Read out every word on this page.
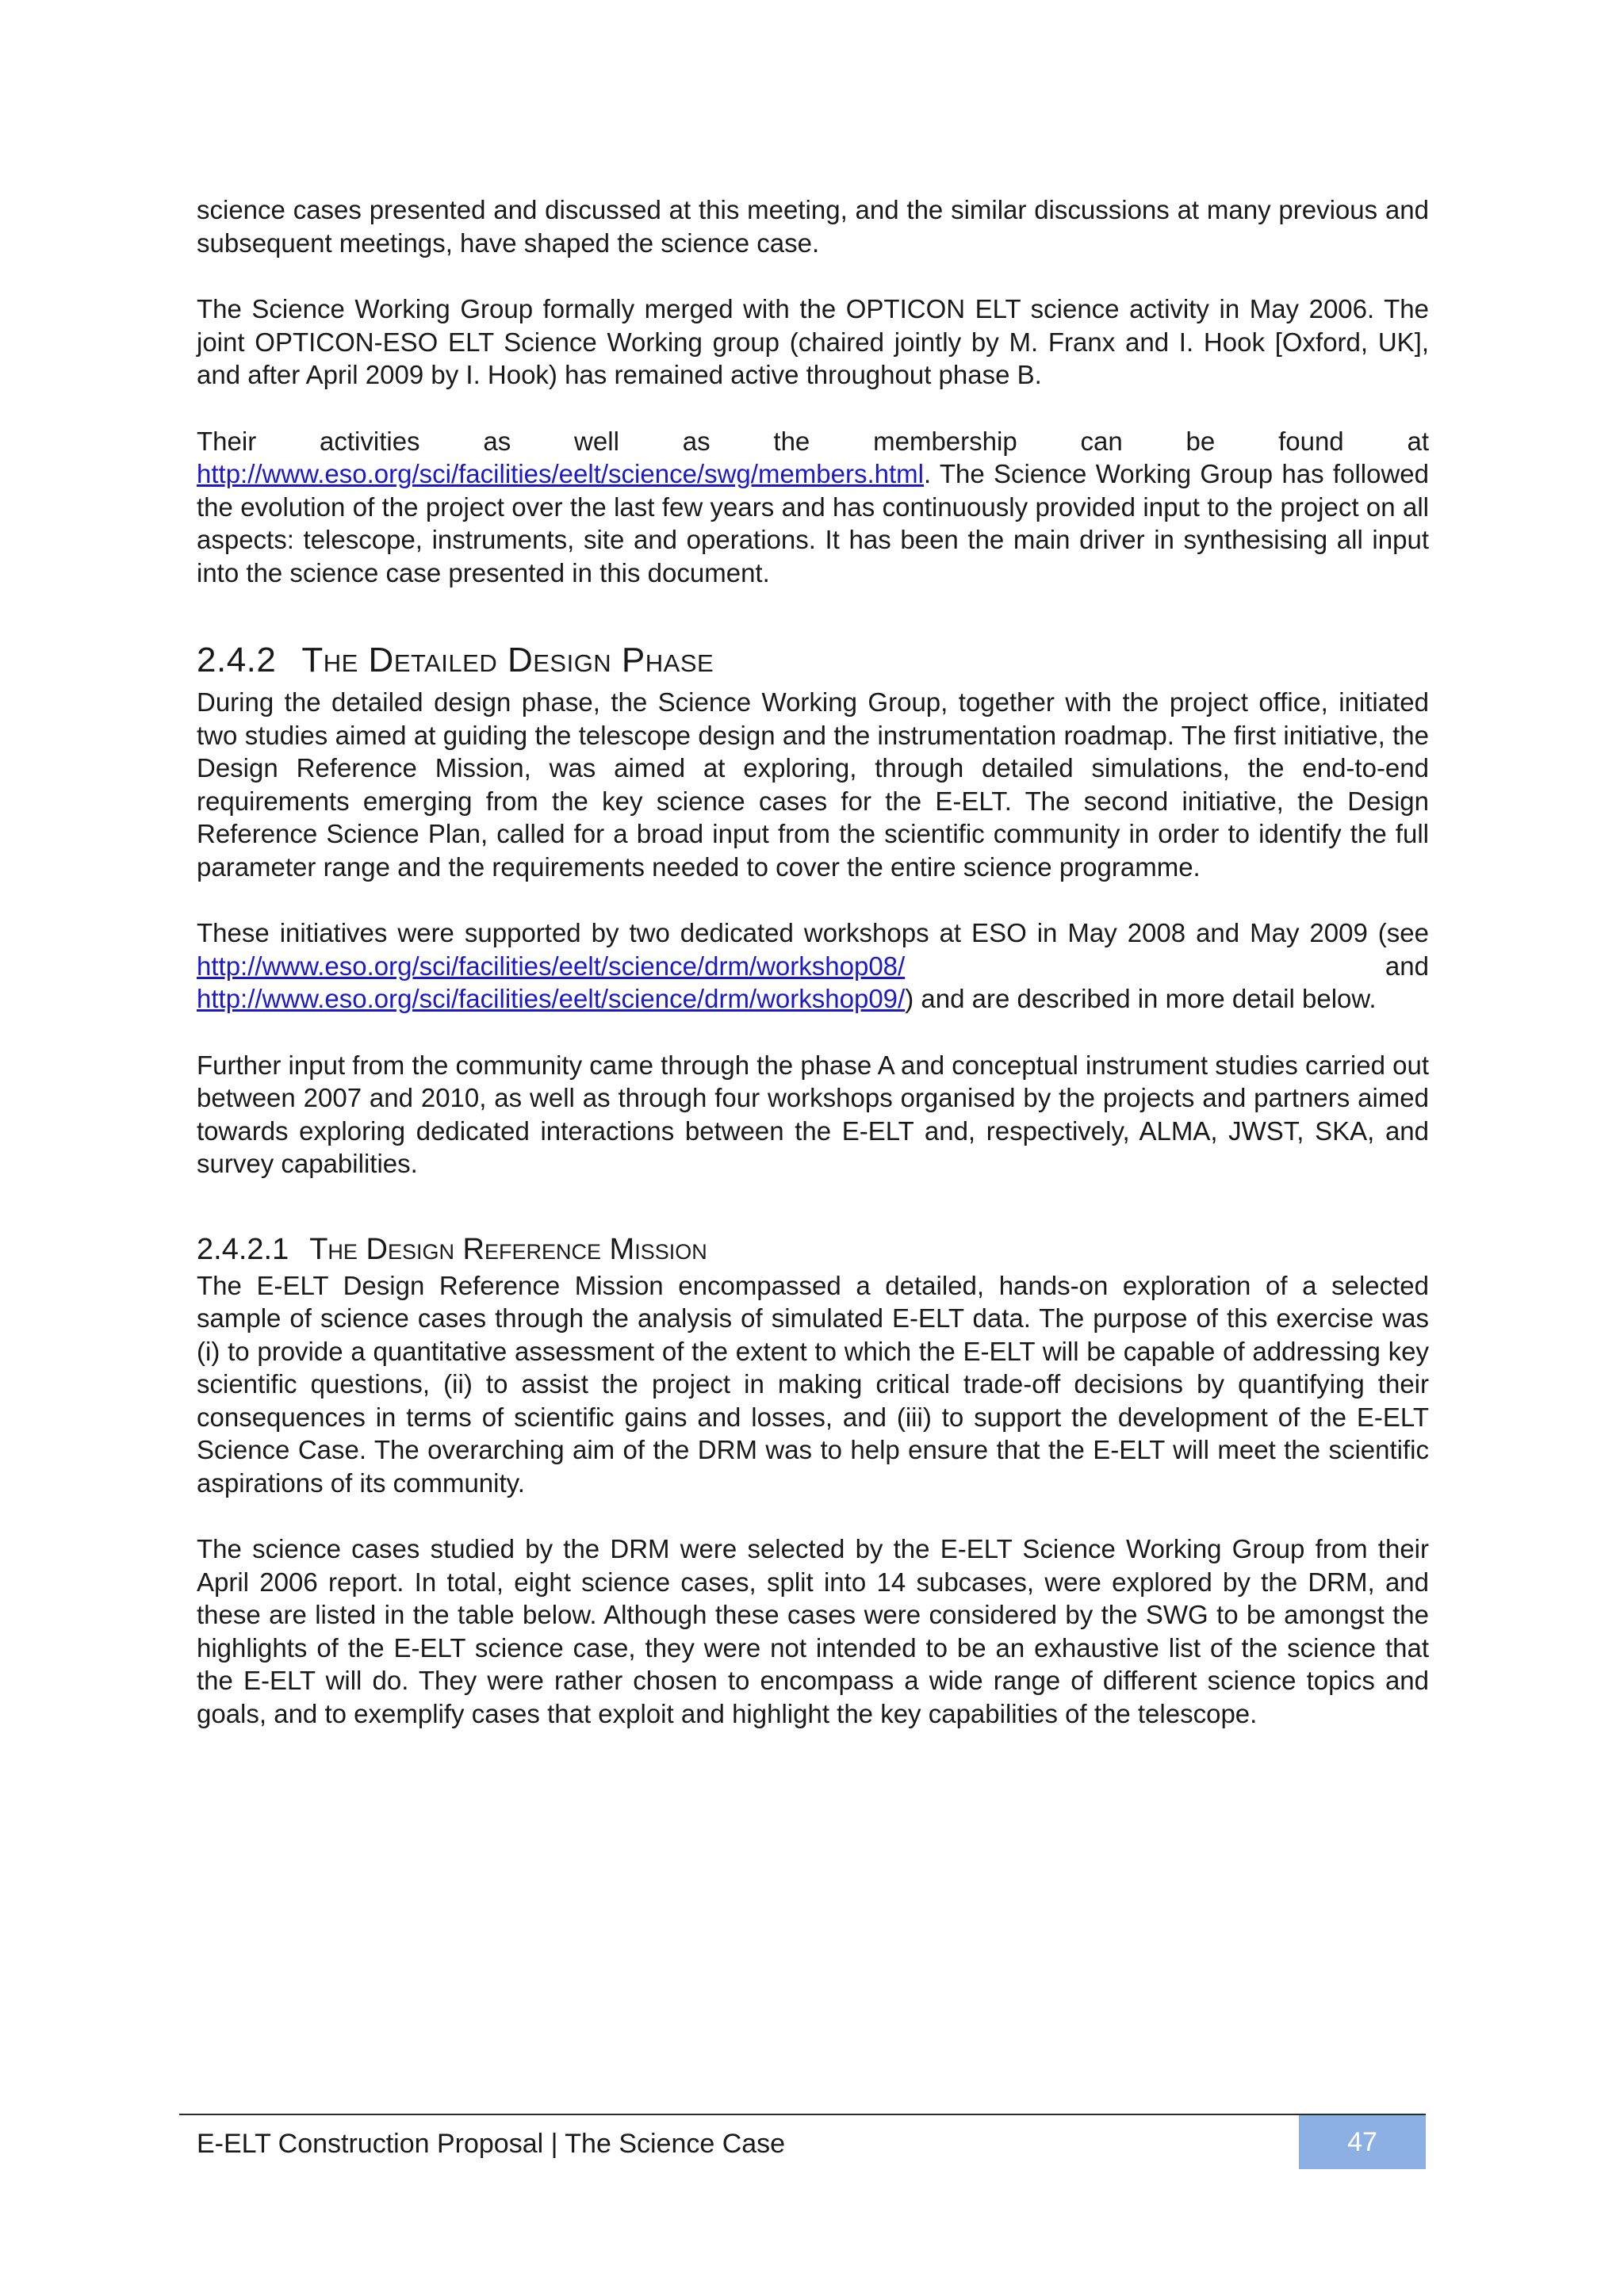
science cases presented and discussed at this meeting, and the similar discussions at many previous and subsequent meetings, have shaped the science case.

The Science Working Group formally merged with the OPTICON ELT science activity in May 2006. The joint OPTICON-ESO ELT Science Working group (chaired jointly by M. Franx and I. Hook [Oxford, UK], and after April 2009 by I. Hook) has remained active throughout phase B.

Their activities as well as the membership can be found at http://www.eso.org/sci/facilities/eelt/science/swg/members.html. The Science Working Group has followed the evolution of the project over the last few years and has continuously provided input to the project on all aspects: telescope, instruments, site and operations. It has been the main driver in synthesising all input into the science case presented in this document.

2.4.2 The Detailed Design Phase

During the detailed design phase, the Science Working Group, together with the project office, initiated two studies aimed at guiding the telescope design and the instrumentation roadmap. The first initiative, the Design Reference Mission, was aimed at exploring, through detailed simulations, the end-to-end requirements emerging from the key science cases for the E-ELT. The second initiative, the Design Reference Science Plan, called for a broad input from the scientific community in order to identify the full parameter range and the requirements needed to cover the entire science programme.

These initiatives were supported by two dedicated workshops at ESO in May 2008 and May 2009 (see http://www.eso.org/sci/facilities/eelt/science/drm/workshop08/ and http://www.eso.org/sci/facilities/eelt/science/drm/workshop09/) and are described in more detail below.

Further input from the community came through the phase A and conceptual instrument studies carried out between 2007 and 2010, as well as through four workshops organised by the projects and partners aimed towards exploring dedicated interactions between the E-ELT and, respectively, ALMA, JWST, SKA, and survey capabilities.

2.4.2.1 The Design Reference Mission

The E-ELT Design Reference Mission encompassed a detailed, hands-on exploration of a selected sample of science cases through the analysis of simulated E-ELT data. The purpose of this exercise was (i) to provide a quantitative assessment of the extent to which the E-ELT will be capable of addressing key scientific questions, (ii) to assist the project in making critical trade-off decisions by quantifying their consequences in terms of scientific gains and losses, and (iii) to support the development of the E-ELT Science Case. The overarching aim of the DRM was to help ensure that the E-ELT will meet the scientific aspirations of its community.

The science cases studied by the DRM were selected by the E-ELT Science Working Group from their April 2006 report. In total, eight science cases, split into 14 subcases, were explored by the DRM, and these are listed in the table below. Although these cases were considered by the SWG to be amongst the highlights of the E-ELT science case, they were not intended to be an exhaustive list of the science that the E-ELT will do. They were rather chosen to encompass a wide range of different science topics and goals, and to exemplify cases that exploit and highlight the key capabilities of the telescope.

E-ELT Construction Proposal | The Science Case	47
